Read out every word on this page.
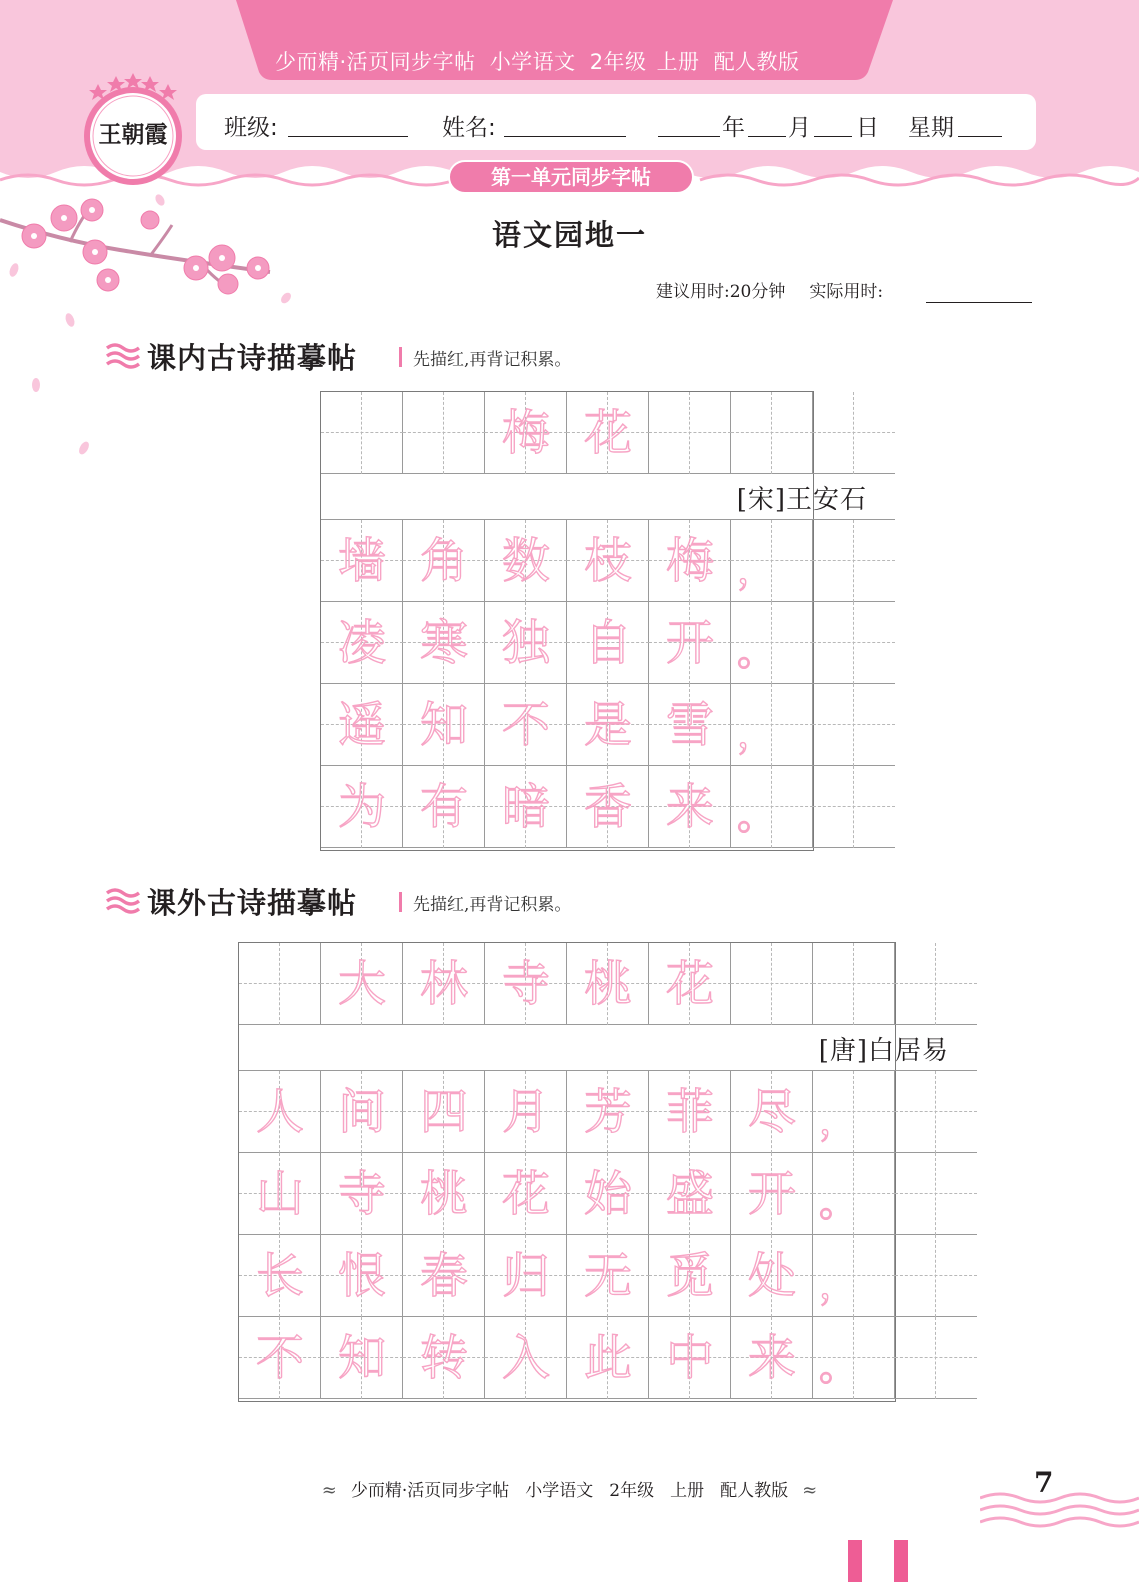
少而精·活页同步字帖 小学语文 2年级 上册 配人教版
王朝霞	班级:	姓名:	年 月 日 星期
第一单元同步字帖
语文园地一
建议用时:20分钟 实际用时:
课内古诗描摹帖	先描红,再背记积累。
梅 花
[宋]王安石
墙 角 数 枝 梅 ，
凌 寒 独 自 开 。
遥 知 不 是 雪 ，
为 有 暗 香 来 。
课外古诗描摹帖	先描红,再背记积累。
大 林 寺 桃 花
[唐]白居易
人 间 四 月 芳 菲 尽 ，
山 寺 桃 花 始 盛 开 。
长 恨 春 归 无 觅 处 ，
不 知 转 入 此 中 来 。
≈ 少而精·活页同步字帖 小学语文 2年级 上册 配人教版 ≈	7
